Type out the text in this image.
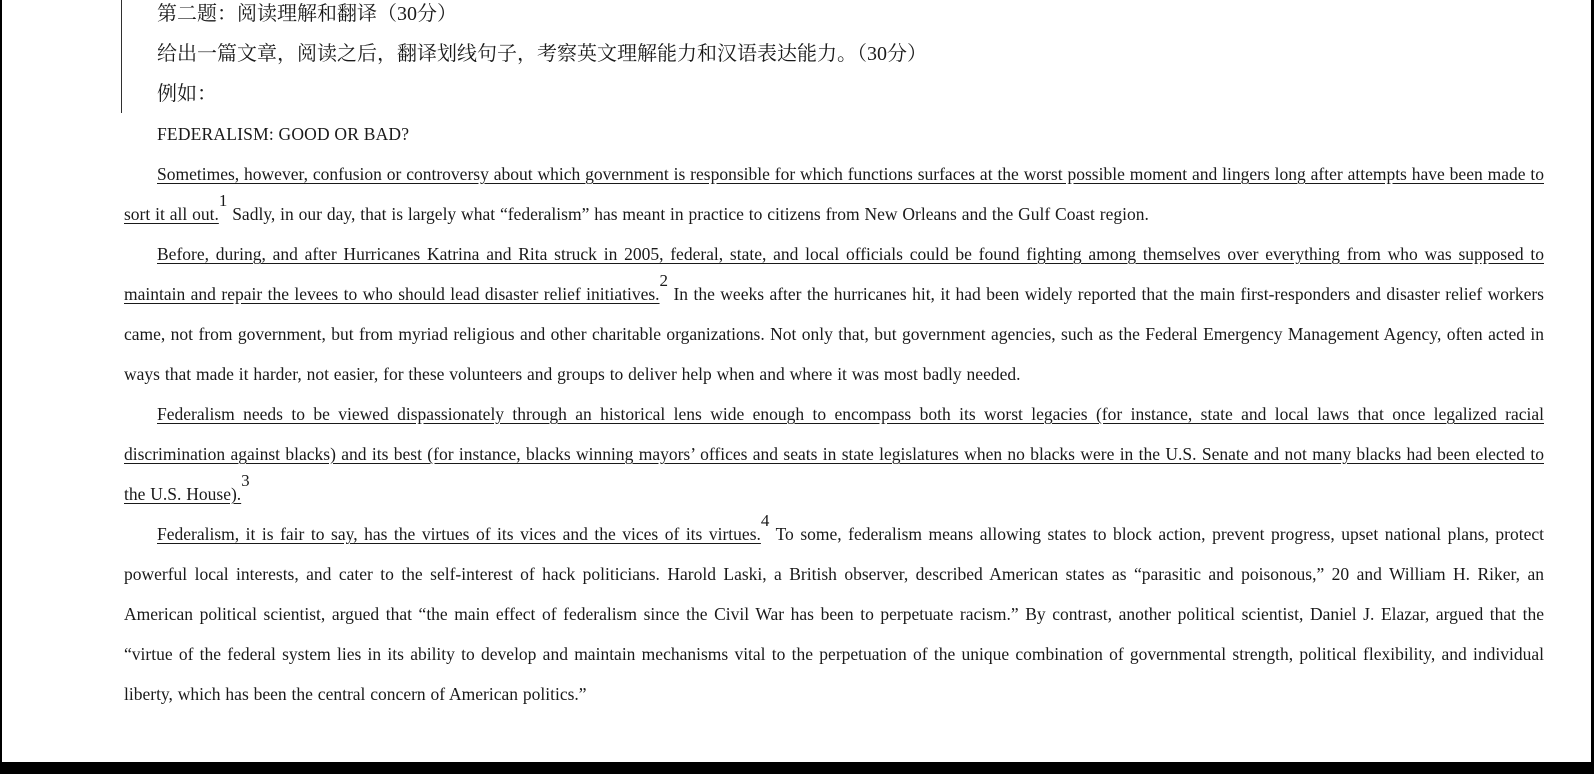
第二题：阅读理解和翻译（30分）

给出一篇文章，阅读之后，翻译划线句子，考察英文理解能力和汉语表达能力。（30分）

例如：

FEDERALISM: GOOD OR BAD?

Sometimes, however, confusion or controversy about which government is responsible for which functions surfaces at the worst possible moment and lingers long after attempts have been made to sort it all out.$^1$ Sadly, in our day, that is largely what “federalism” has meant in practice to citizens from New Orleans and the Gulf Coast region.

Before, during, and after Hurricanes Katrina and Rita struck in 2005, federal, state, and local officials could be found fighting among themselves over everything from who was supposed to maintain and repair the levees to who should lead disaster relief initiatives.$^2$ In the weeks after the hurricanes hit, it had been widely reported that the main first-responders and disaster relief workers came, not from government, but from myriad religious and other charitable organizations. Not only that, but government agencies, such as the Federal Emergency Management Agency, often acted in ways that made it harder, not easier, for these volunteers and groups to deliver help when and where it was most badly needed.

Federalism needs to be viewed dispassionately through an historical lens wide enough to encompass both its worst legacies (for instance, state and local laws that once legalized racial discrimination against blacks) and its best (for instance, blacks winning mayors’ offices and seats in state legislatures when no blacks were in the U.S. Senate and not many blacks had been elected to the U.S. House).$^3$

Federalism, it is fair to say, has the virtues of its vices and the vices of its virtues.$^4$ To some, federalism means allowing states to block action, prevent progress, upset national plans, protect powerful local interests, and cater to the self-interest of hack politicians. Harold Laski, a British observer, described American states as “parasitic and poisonous,” 20 and William H. Riker, an American political scientist, argued that “the main effect of federalism since the Civil War has been to perpetuate racism.” By contrast, another political scientist, Daniel J. Elazar, argued that the “virtue of the federal system lies in its ability to develop and maintain mechanisms vital to the perpetuation of the unique combination of governmental strength, political flexibility, and individual liberty, which has been the central concern of American politics.”
